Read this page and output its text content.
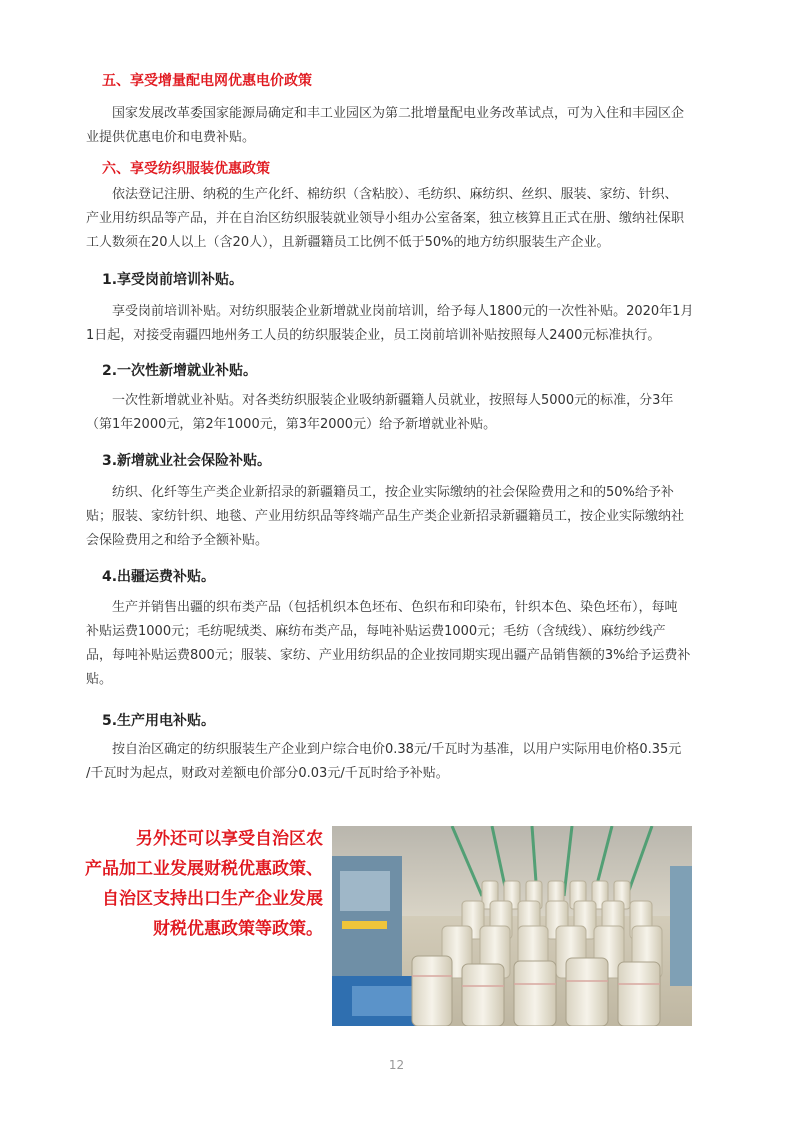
五、享受增量配电网优惠电价政策

国家发展改革委国家能源局确定和丰工业园区为第二批增量配电业务改革试点，可为入住和丰园区企

业提供优惠电价和电费补贴。
六、享受纺织服装优惠政策

依法登记注册、纳税的生产化纤、棉纺织（含粘胶）、毛纺织、麻纺织、丝织、服装、家纺、针织、

产业用纺织品等产品，并在自治区纺织服装就业领导小组办公室备案，独立核算且正式在册、缴纳社保职
工人数须在20人以上（含20人），且新疆籍员工比例不低于50%的地方纺织服装生产企业。
1.享受岗前培训补贴。

享受岗前培训补贴。对纺织服装企业新增就业岗前培训，给予每人1800元的一次性补贴。2020年1月

1日起，对接受南疆四地州务工人员的纺织服装企业，员工岗前培训补贴按照每人2400元标准执行。
2.一次性新增就业补贴。

一次性新增就业补贴。对各类纺织服装企业吸纳新疆籍人员就业，按照每人5000元的标准，分3年

（第1年2000元，第2年1000元，第3年2000元）给予新增就业补贴。
3.新增就业社会保险补贴。

纺织、化纤等生产类企业新招录的新疆籍员工，按企业实际缴纳的社会保险费用之和的50%给予补

贴；服装、家纺针织、地毯、产业用纺织品等终端产品生产类企业新招录新疆籍员工，按企业实际缴纳社
会保险费用之和给予全额补贴。
4.出疆运费补贴。

生产并销售出疆的织布类产品（包括机织本色坯布、色织布和印染布，针织本色、染色坯布），每吨

补贴运费1000元；毛纺呢绒类、麻纺布类产品，每吨补贴运费1000元；毛纺（含绒线）、麻纺纱线产
品，每吨补贴运费800元；服装、家纺、产业用纺织品的企业按同期实现出疆产品销售额的3%给予运费补
贴。
5.生产用电补贴。

按自治区确定的纺织服装生产企业到户综合电价0.38元/千瓦时为基准，以用户实际用电价格0.35元

/千瓦时为起点，财政对差额电价部分0.03元/千瓦时给予补贴。
另外还可以享受自治区农
产品加工业发展财税优惠政策、
自治区支持出口生产企业发展
财税优惠政策等政策。
12
